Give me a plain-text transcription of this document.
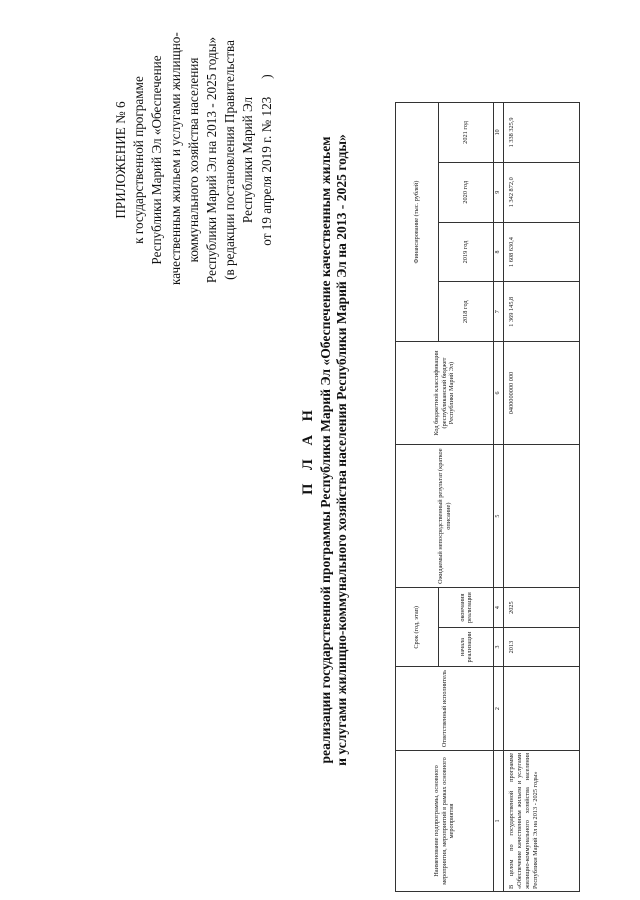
ПРИЛОЖЕНИЕ № 6 к государственной программе Республики Марий Эл «Обеспечение качественным жильем и услугами жилищно- коммунального хозяйства населения Республики Марий Эл на 2013 - 2025 годы» (в редакции постановления Правительства Республики Марий Эл
от 19 апреля 2019 г. № 123)
П Л А Н реализации государственной программы Республики Марий Эл «Обеспечение качественным жильем и услугами жилищно-коммунального хозяйства населения Республики Марий Эл на 2013 - 2025 годы»
Наименование подпрограммы, основного мероприятия, мероприятий в рамках основного мероприятия	Ответственный исполнитель	Срок (год, этап)		Ожидаемый непосредственный результат (краткое описание)	Код бюджетной классификации (республиканский бюджет Республики Марий Эл)	Финансирование (тыс. рублей)			
		начала реализации	окончания реализации			2018 год	2019 год	2020 год	2021 год
1	2	3	4	5	6	7	8	9	10
В целом по государственной программе «Обеспечение качественным жильем и услугами жилищно-коммунального хозяйства населения Республики Марий Эл на 2013 - 2025 годы»		2013	2025		0400000000 000	1 369 145,8	1 608 630,4	1 342 872,0	1 338 325,9
